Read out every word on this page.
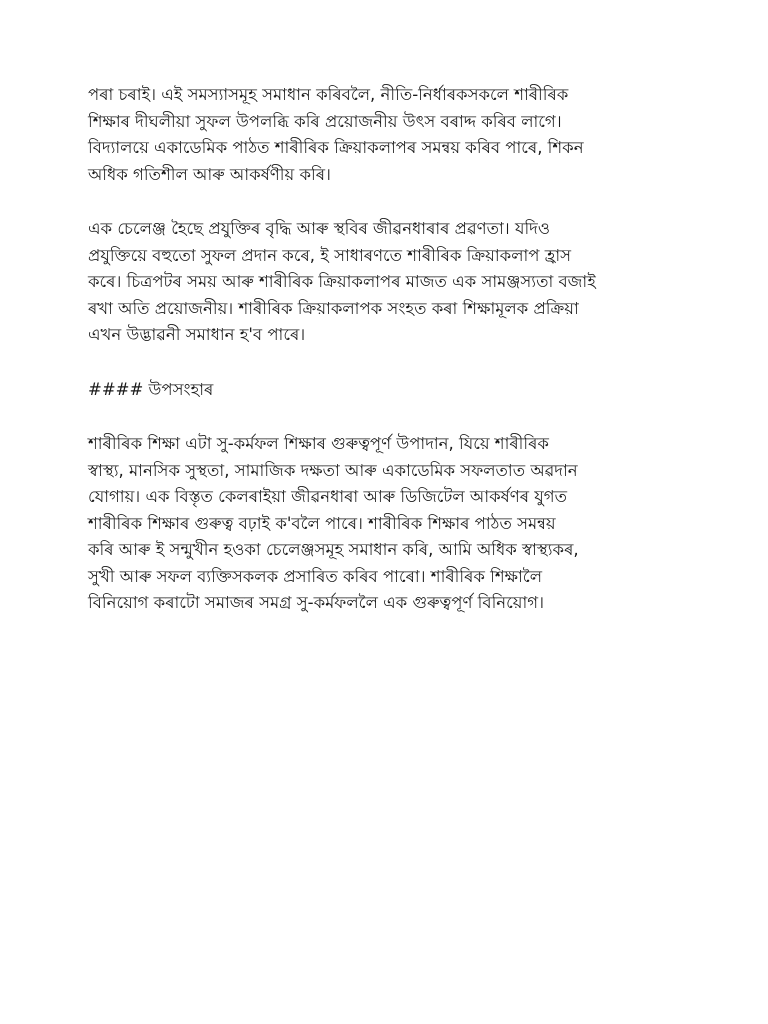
পৰা চৰাই। এই সমস্যাসমূহ সমাধান কৰিবলৈ, নীতি-নিৰ্ধাৰকসকলে শাৰীৰিক
শিক্ষাৰ দীঘলীয়া সুফল উপলব্ধি কৰি প্ৰয়োজনীয় উৎস বৰাদ্দ কৰিব লাগে।
বিদ্যালয়ে একাডেমিক পাঠত শাৰীৰিক ক্ৰিয়াকলাপৰ সমন্বয় কৰিব পাৰে, শিকন
অধিক গতিশীল আৰু আকৰ্ষণীয় কৰি।
এক চেলেঞ্জ হৈছে প্ৰযুক্তিৰ বৃদ্ধি আৰু স্থবিৰ জীৱনধাৰাৰ প্ৰৱণতা। যদিও
প্ৰযুক্তিয়ে বহুতো সুফল প্ৰদান কৰে, ই সাধাৰণতে শাৰীৰিক ক্ৰিয়াকলাপ হ্ৰাস
কৰে। চিত্ৰপটৰ সময় আৰু শাৰীৰিক ক্ৰিয়াকলাপৰ মাজত এক সামঞ্জস্যতা বজাই
ৰখা অতি প্ৰয়োজনীয়। শাৰীৰিক ক্ৰিয়াকলাপক সংহত কৰা শিক্ষামূলক প্ৰক্ৰিয়া
এখন উদ্ভাৱনী সমাধান হ'ব পাৰে।
#### উপসংহাৰ
শাৰীৰিক শিক্ষা এটা সু-কৰ্মফল শিক্ষাৰ গুৰুত্বপূৰ্ণ উপাদান, যিয়ে শাৰীৰিক
স্বাস্থ্য, মানসিক সুস্থতা, সামাজিক দক্ষতা আৰু একাডেমিক সফলতাত অৱদান
যোগায়। এক বিস্তৃত কেলৰাইয়া জীৱনধাৰা আৰু ডিজিটেল আকৰ্ষণৰ যুগত
শাৰীৰিক শিক্ষাৰ গুৰুত্ব বঢ়াই ক'বলৈ পাৰে। শাৰীৰিক শিক্ষাৰ পাঠত সমন্বয়
কৰি আৰু ই সন্মুখীন হওকা চেলেঞ্জসমূহ সমাধান কৰি, আমি অধিক স্বাস্থ্যকৰ,
সুখী আৰু সফল ব্যক্তিসকলক প্ৰসাৰিত কৰিব পাৰো। শাৰীৰিক শিক্ষালৈ
বিনিয়োগ কৰাটো সমাজৰ সমগ্ৰ সু-কৰ্মফললৈ এক গুৰুত্বপূৰ্ণ বিনিয়োগ।
